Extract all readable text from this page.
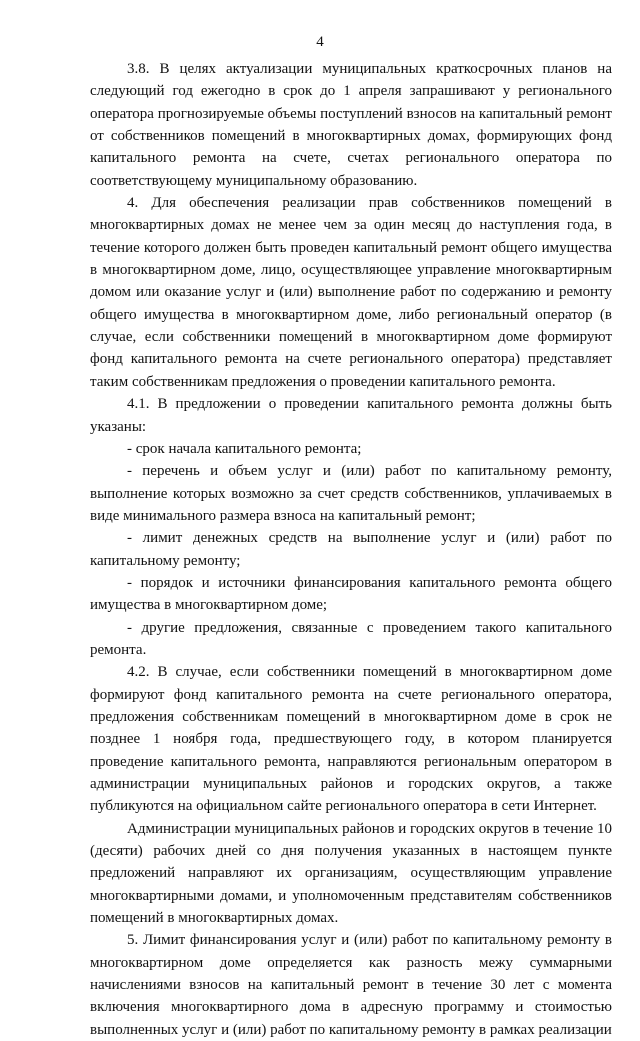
4

3.8. В целях актуализации муниципальных краткосрочных планов на следующий год ежегодно в срок до 1 апреля запрашивают у регионального оператора прогнозируемые объемы поступлений взносов на капитальный ремонт от собственников помещений в многоквартирных домах, формирующих фонд капитального ремонта на счете, счетах регионального оператора по соответствующему муниципальному образованию.

4. Для обеспечения реализации прав собственников помещений в многоквартирных домах не менее чем за один месяц до наступления года, в течение которого должен быть проведен капитальный ремонт общего имущества в многоквартирном доме, лицо, осуществляющее управление многоквартирным домом или оказание услуг и (или) выполнение работ по содержанию и ремонту общего имущества в многоквартирном доме, либо региональный оператор (в случае, если собственники помещений в многоквартирном доме формируют фонд капитального ремонта на счете регионального оператора) представляет таким собственникам предложения о проведении капитального ремонта.

4.1. В предложении о проведении капитального ремонта должны быть указаны:

- срок начала капитального ремонта;

- перечень и объем услуг и (или) работ по капитальному ремонту, выполнение которых возможно за счет средств собственников, уплачиваемых в виде минимального размера взноса на капитальный ремонт;

- лимит денежных средств на выполнение услуг и (или) работ по капитальному ремонту;

- порядок и источники финансирования капитального ремонта общего имущества в многоквартирном доме;

- другие предложения, связанные с проведением такого капитального ремонта.

4.2. В случае, если собственники помещений в многоквартирном доме формируют фонд капитального ремонта на счете регионального оператора, предложения собственникам помещений в многоквартирном доме в срок не позднее 1 ноября года, предшествующего году, в котором планируется проведение капитального ремонта, направляются региональным оператором в администрации муниципальных районов и городских округов, а также публикуются на официальном сайте регионального оператора в сети Интернет.

Администрации муниципальных районов и городских округов в течение 10 (десяти) рабочих дней со дня получения указанных в настоящем пункте предложений направляют их организациям, осуществляющим управление многоквартирными домами, и уполномоченным представителям собственников помещений в многоквартирных домах.

5. Лимит финансирования услуг и (или) работ по капитальному ремонту в многоквартирном доме определяется как разность межу суммарными начислениями взносов на капитальный ремонт в течение 30 лет с момента включения многоквартирного дома в адресную программу и стоимостью выполненных услуг и (или) работ по капитальному ремонту в рамках реализации
